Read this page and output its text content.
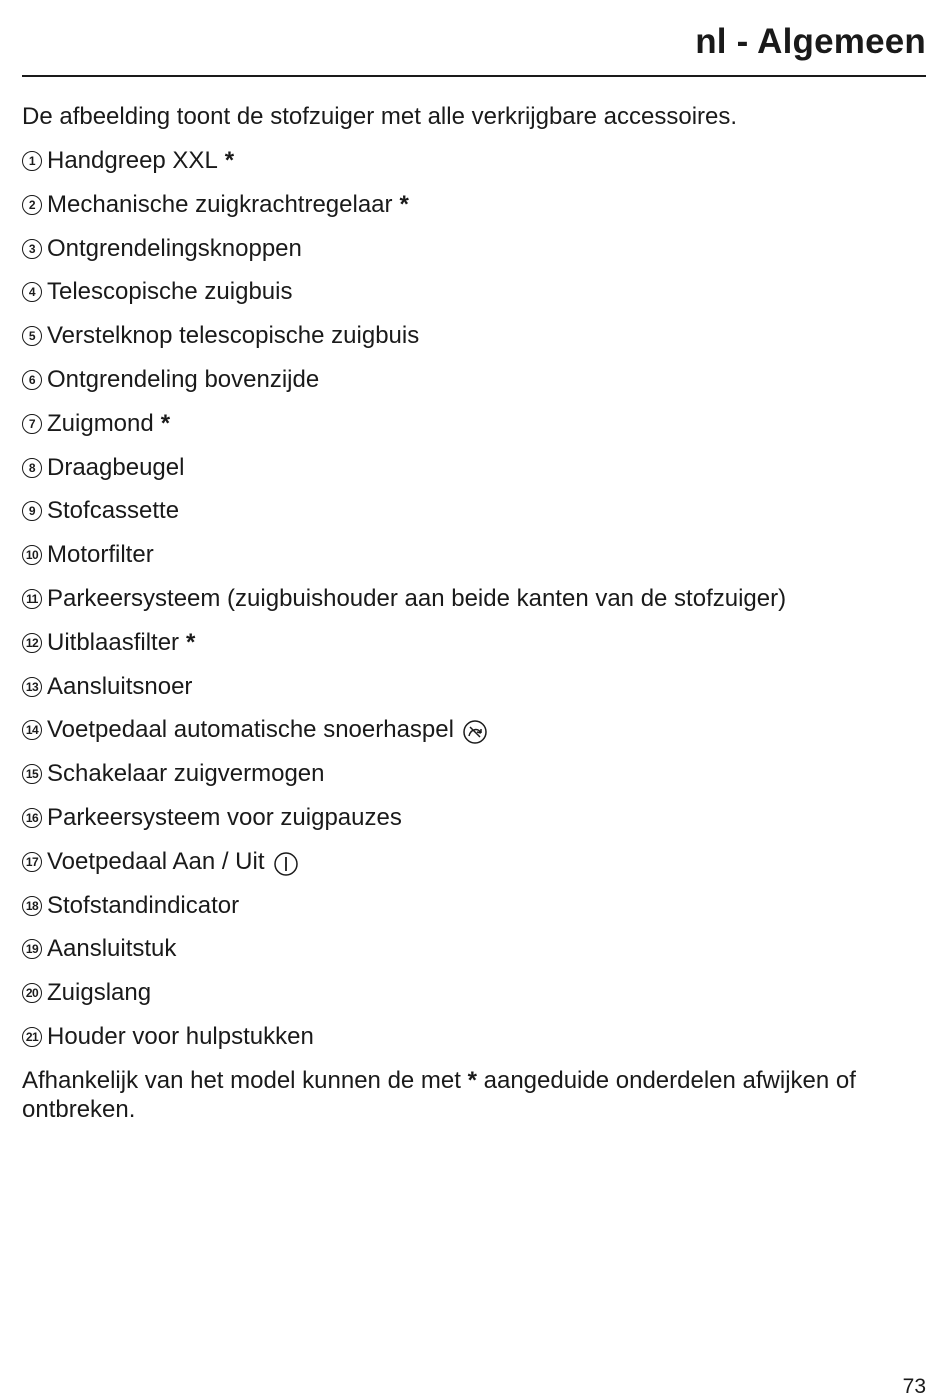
nl - Algemeen

De afbeelding toont de stofzuiger met alle verkrijgbare accessoires.

1 Handgreep XXL *
2 Mechanische zuigkrachtregelaar *
3 Ontgrendelingsknoppen
4 Telescopische zuigbuis
5 Verstelknop telescopische zuigbuis
6 Ontgrendeling bovenzijde
7 Zuigmond *
8 Draagbeugel
9 Stofcassette
10 Motorfilter
11 Parkeersysteem (zuigbuishouder aan beide kanten van de stofzuiger)
12 Uitblaasfilter *
13 Aansluitsnoer
14 Voetpedaal automatische snoerhaspel
15 Schakelaar zuigvermogen
16 Parkeersysteem voor zuigpauzes
17 Voetpedaal Aan / Uit
18 Stofstandindicator
19 Aansluitstuk
20 Zuigslang
21 Houder voor hulpstukken

Afhankelijk van het model kunnen de met * aangeduide onderdelen afwijken of ontbreken.

73
